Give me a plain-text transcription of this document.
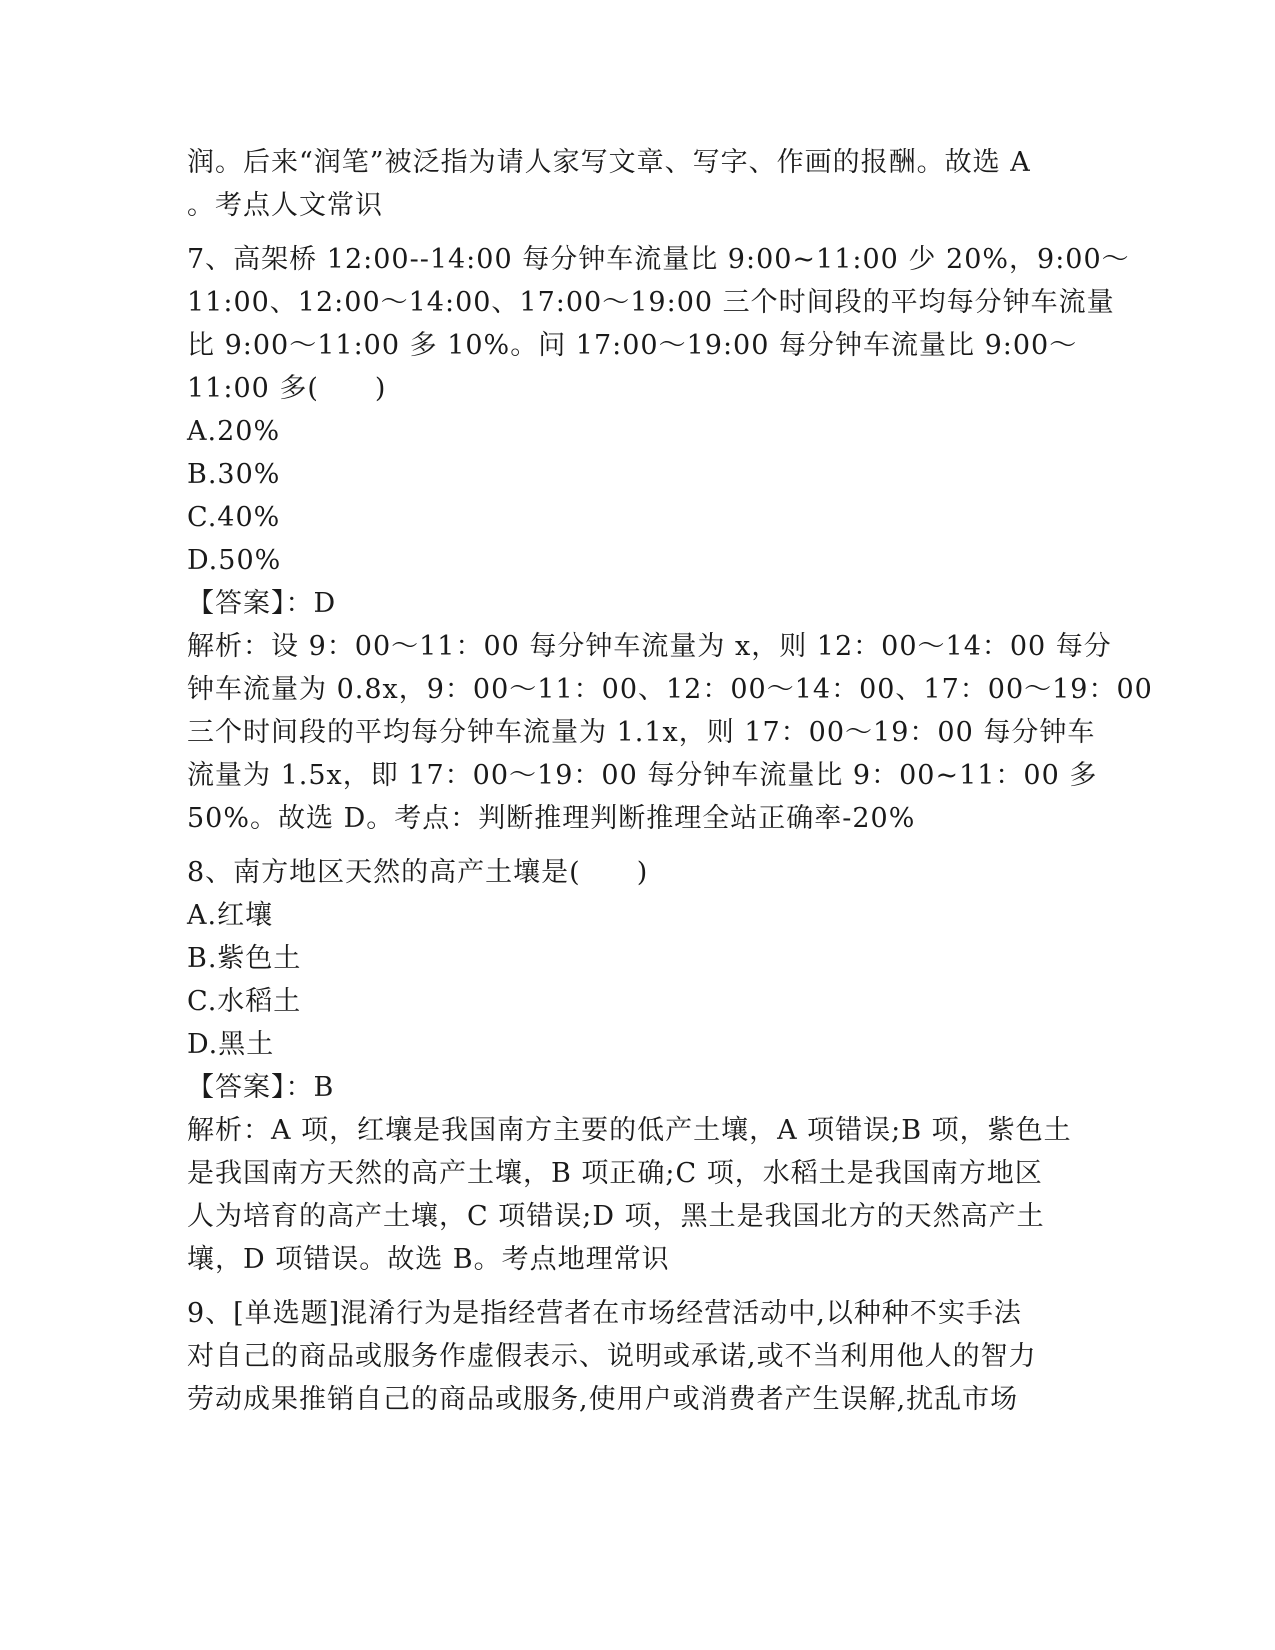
润。后来“润笔”被泛指为请人家写文章、写字、作画的报酬。故选 A
。考点人文常识
7、高架桥 12:00--14:00 每分钟车流量比 9:00~11:00 少 20%，9:00～
11:00、12:00～14:00、17:00～19:00 三个时间段的平均每分钟车流量
比 9:00～11:00 多 10%。问 17:00～19:00 每分钟车流量比 9:00～
11:00 多(　　)
A.20%
B.30%
C.40%
D.50%
【答案】：D
解析：设 9：00～11：00 每分钟车流量为 x，则 12：00～14：00 每分
钟车流量为 0.8x，9：00～11：00、12：00～14：00、17：00～19：00
三个时间段的平均每分钟车流量为 1.1x，则 17：00～19：00 每分钟车
流量为 1.5x，即 17：00～19：00 每分钟车流量比 9：00~11：00 多
50%。故选 D。考点：判断推理判断推理全站正确率-20%
8、南方地区天然的高产土壤是(　　)
A.红壤
B.紫色土
C.水稻土
D.黑土
【答案】：B
解析：A 项，红壤是我国南方主要的低产土壤，A 项错误;B 项，紫色土
是我国南方天然的高产土壤，B 项正确;C 项，水稻土是我国南方地区
人为培育的高产土壤，C 项错误;D 项，黑土是我国北方的天然高产土
壤，D 项错误。故选 B。考点地理常识
9、[单选题]混淆行为是指经营者在市场经营活动中,以种种不实手法
对自己的商品或服务作虚假表示、说明或承诺,或不当利用他人的智力
劳动成果推销自己的商品或服务,使用户或消费者产生误解,扰乱市场
